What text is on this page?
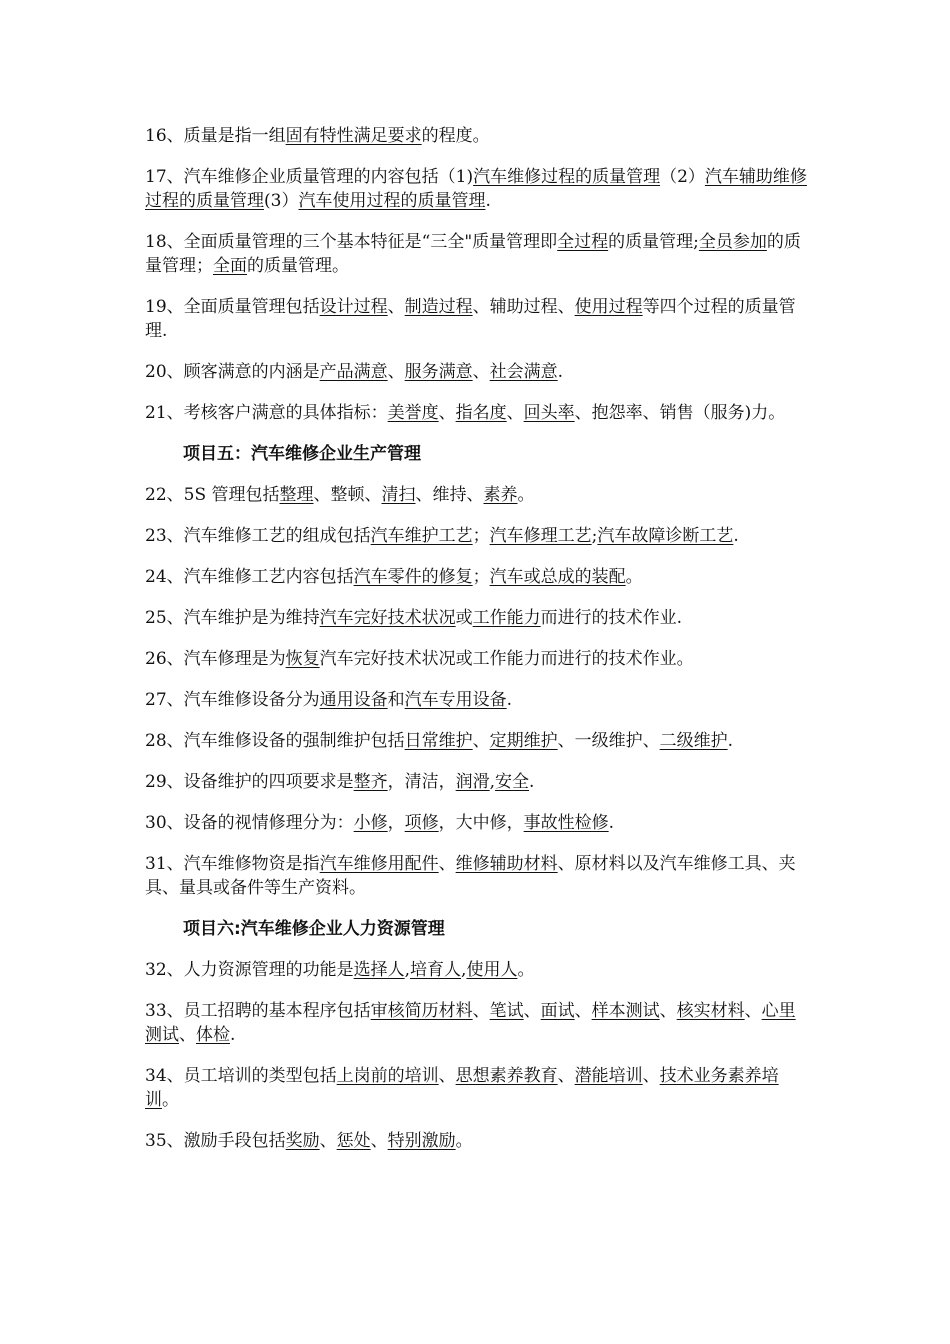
16、质量是指一组固有特性满足要求的程度。
17、汽车维修企业质量管理的内容包括（1)汽车维修过程的质量管理（2）汽车辅助维修过程的质量管理(3）汽车使用过程的质量管理.
18、全面质量管理的三个基本特征是“三全"质量管理即全过程的质量管理;全员参加的质量管理；全面的质量管理。
19、全面质量管理包括设计过程、制造过程、辅助过程、使用过程等四个过程的质量管理.
20、顾客满意的内涵是产品满意、服务满意、社会满意.
21、考核客户满意的具体指标：美誉度、指名度、回头率、抱怨率、销售（服务)力。
项目五：汽车维修企业生产管理
22、5S 管理包括整理、整顿、清扫、维持、素养。
23、汽车维修工艺的组成包括汽车维护工艺；汽车修理工艺;汽车故障诊断工艺.
24、汽车维修工艺内容包括汽车零件的修复；汽车或总成的装配。
25、汽车维护是为维持汽车完好技术状况或工作能力而进行的技术作业.
26、汽车修理是为恢复汽车完好技术状况或工作能力而进行的技术作业。
27、汽车维修设备分为通用设备和汽车专用设备.
28、汽车维修设备的强制维护包括日常维护、定期维护、一级维护、二级维护.
29、设备维护的四项要求是整齐，清洁，润滑,安全.
30、设备的视情修理分为：小修，项修，大中修，事故性检修.
31、汽车维修物资是指汽车维修用配件、维修辅助材料、原材料以及汽车维修工具、夹具、量具或备件等生产资料。
项目六:汽车维修企业人力资源管理
32、人力资源管理的功能是选择人,培育人,使用人。
33、员工招聘的基本程序包括审核简历材料、笔试、面试、样本测试、核实材料、心里测试、体检.
34、员工培训的类型包括上岗前的培训、思想素养教育、潜能培训、技术业务素养培训。
35、激励手段包括奖励、惩处、特别激励。
